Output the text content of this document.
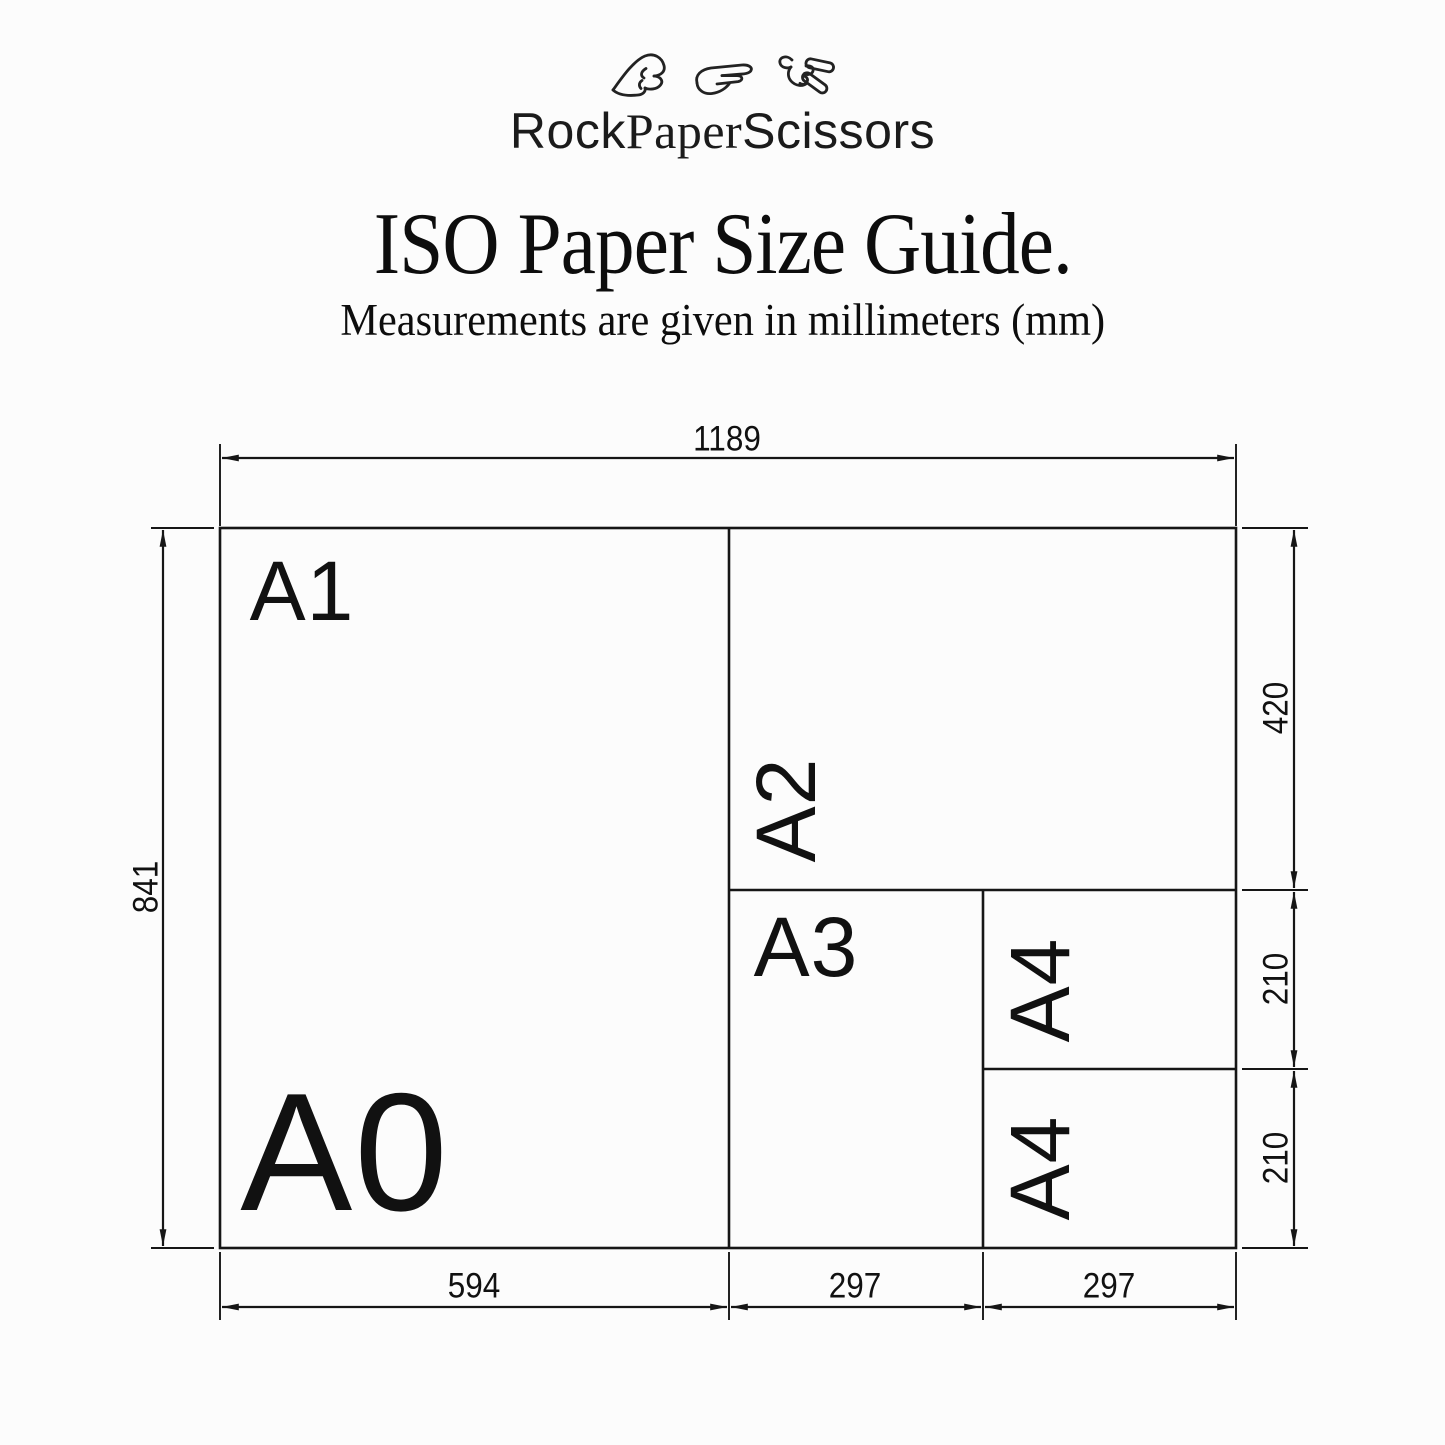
RockPaperScissors
ISO Paper Size Guide.
Measurements are given in millimeters (mm)
A1
A2
A3 A4
A4
A0
1189
841
420
210
210
594	297	297
